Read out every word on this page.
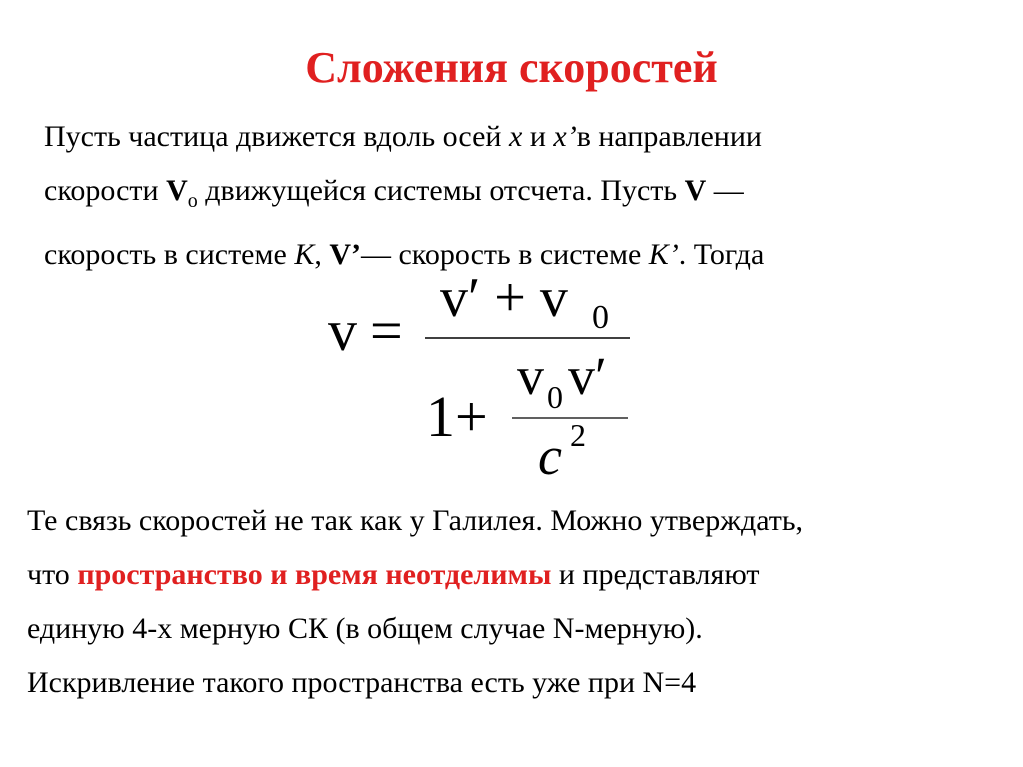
Сложения скоростей
Пусть частица движется вдоль осей x и x’в направлении
скорости $V_o$ движущейся системы отсчета. Пусть V —
скорость в системе K, V’— скорость в системе K’. Тогда
v = v′ + v 0
1+
v 0 v′
c 2
Те связь скоростей не так как у Галилея. Можно утверждать,
что пространство и время неотделимы и представляют
единую 4-х мерную СК (в общем случае N-мерную).
Искривление такого пространства есть уже при N=4
